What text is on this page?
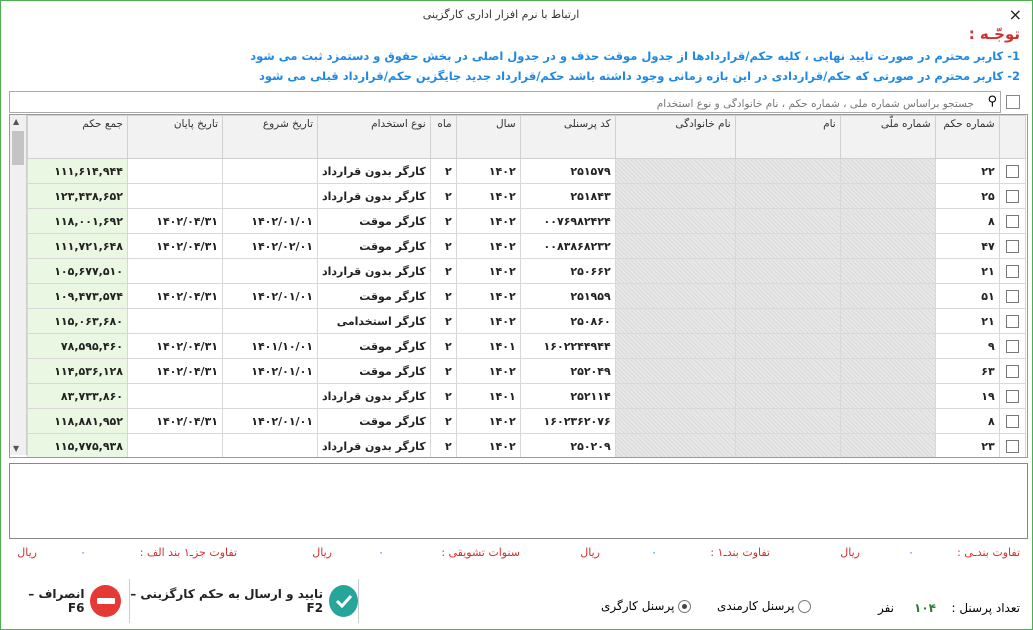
ارتباط با نرم افزار اداری کارگزینی	×
توجّـه :
1- کاربر محترم در صورت تایید نهایی ، کلیه حکم/قراردادها از جدول موقت حذف و در جدول اصلی در بخش حقوق و دستمزد ثبت می شود
2- کاربر محترم در صورتی که حکم/قراردادی در این بازه زمانی وجود داشته باشد حکم/قرارداد جدید جایگزین حکم/قرارداد قبلی می شود
جستجو براساس شماره ملّی ، شماره حکم ، نام خانوادگی و نوع استخدام
⚲
▲
▼
جمع حکم	تاریخ پایان	تاریخ شروع	نوع استخدام	ماه	سال	کد پرسنلی	نام خانوادگی	نام	شماره ملّی	شماره حکم	
۱۱۱,۶۱۴,۹۴۴			کارگر بدون قرارداد	۲	۱۴۰۲	۲۵۱۵۷۹				۲۲	
۱۲۳,۴۳۸,۶۵۲			کارگر بدون قرارداد	۲	۱۴۰۲	۲۵۱۸۴۳				۲۵	
۱۱۸,۰۰۱,۶۹۲	۱۴۰۲/۰۴/۳۱	۱۴۰۲/۰۱/۰۱	کارگر موقت	۲	۱۴۰۲	۰۰۷۶۹۸۲۴۲۴				۸	
۱۱۱,۷۲۱,۶۴۸	۱۴۰۲/۰۴/۳۱	۱۴۰۲/۰۲/۰۱	کارگر موقت	۲	۱۴۰۲	۰۰۸۳۸۶۸۲۳۲				۴۷	
۱۰۵,۶۷۷,۵۱۰			کارگر بدون قرارداد	۲	۱۴۰۲	۲۵۰۶۶۲				۲۱	
۱۰۹,۴۷۳,۵۷۴	۱۴۰۲/۰۴/۳۱	۱۴۰۲/۰۱/۰۱	کارگر موقت	۲	۱۴۰۲	۲۵۱۹۵۹				۵۱	
۱۱۵,۰۶۳,۶۸۰			کارگر استخدامی	۲	۱۴۰۲	۲۵۰۸۶۰				۲۱	
۷۸,۵۹۵,۴۶۰	۱۴۰۲/۰۴/۳۱	۱۴۰۱/۱۰/۰۱	کارگر موقت	۲	۱۴۰۱	۱۶۰۲۲۴۴۹۴۴				۹	
۱۱۴,۵۳۶,۱۲۸	۱۴۰۲/۰۴/۳۱	۱۴۰۲/۰۱/۰۱	کارگر موقت	۲	۱۴۰۲	۲۵۲۰۴۹				۶۳	
۸۳,۷۳۳,۸۶۰			کارگر بدون قرارداد	۲	۱۴۰۱	۲۵۲۱۱۴				۱۹	
۱۱۸,۸۸۱,۹۵۲	۱۴۰۲/۰۴/۳۱	۱۴۰۲/۰۱/۰۱	کارگر موقت	۲	۱۴۰۲	۱۶۰۲۳۶۲۰۷۶				۸	
۱۱۵,۷۷۵,۹۳۸			کارگر بدون قرارداد	۲	۱۴۰۲	۲۵۰۲۰۹				۲۳	
تفاوت بندـی :
۰
ریال
تفاوت بندـ۱ :
۰
ریال
سنوات تشویقی :
۰
ریال
تفاوت جزـ۱ بند الف :
۰
ریال
انصراف – F6
تایید و ارسال به حکم کارگزینی – F2	پرسنل کارگری	پرسنل کارمندی	تعداد پرسنل :
۱۰۴
نفر
